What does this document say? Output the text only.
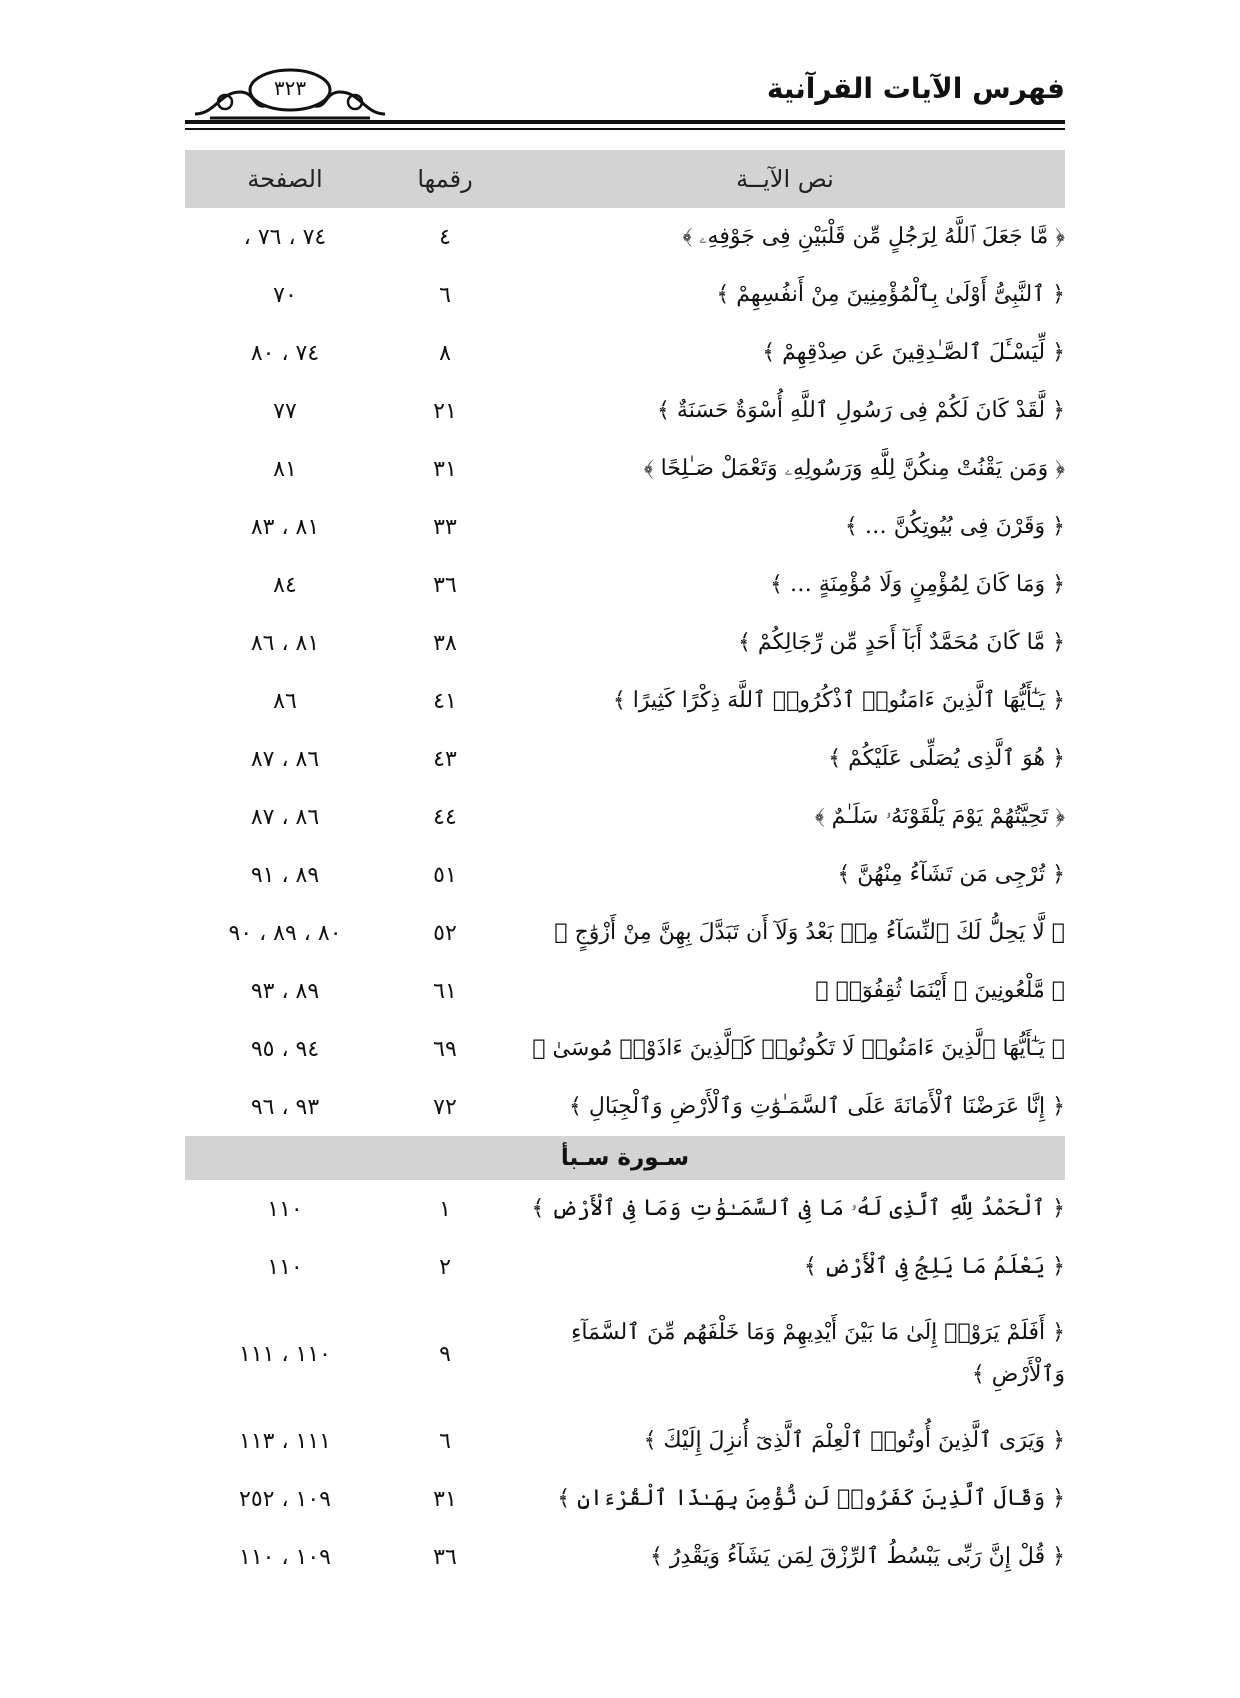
فهرس الآيات القرآنية
٣٢٣
نص الآيــة	رقمها	الصفحة
﴿ مَّا جَعَلَ ٱللَّهُ لِرَجُلٍ مِّن قَلْبَيْنِ فِى جَوْفِهِۦ ﴾	٤	٧٤ ، ٧٦ ،
﴿ ٱلنَّبِىُّ أَوْلَىٰ بِٱلْمُؤْمِنِينَ مِنْ أَنفُسِهِمْ ﴾	٦	٧٠
﴿ لِّيَسْـَٔلَ ٱلصَّـٰدِقِينَ عَن صِدْقِهِمْ ﴾	٨	٧٤ ، ٨٠
﴿ لَّقَدْ كَانَ لَكُمْ فِى رَسُولِ ٱللَّهِ أُسْوَةٌ حَسَنَةٌ ﴾	٢١	٧٧
﴿ وَمَن يَقْنُتْ مِنكُنَّ لِلَّهِ وَرَسُولِهِۦ وَتَعْمَلْ صَـٰلِحًا ﴾	٣١	٨١
﴿ وَقَرْنَ فِى بُيُوتِكُنَّ … ﴾	٣٣	٨١ ، ٨٣
﴿ وَمَا كَانَ لِمُؤْمِنٍ وَلَا مُؤْمِنَةٍ … ﴾	٣٦	٨٤
﴿ مَّا كَانَ مُحَمَّدٌ أَبَآ أَحَدٍ مِّن رِّجَالِكُمْ ﴾	٣٨	٨١ ، ٨٦
﴿ يَـٰٓأَيُّهَا ٱلَّذِينَ ءَامَنُوا۟ ٱذْكُرُوا۟ ٱللَّهَ ذِكْرًا كَثِيرًا ﴾	٤١	٨٦
﴿ هُوَ ٱلَّذِى يُصَلِّى عَلَيْكُمْ ﴾	٤٣	٨٦ ، ٨٧
﴿ تَحِيَّتُهُمْ يَوْمَ يَلْقَوْنَهُۥ سَلَـٰمٌ ﴾	٤٤	٨٦ ، ٨٧
﴿ تُرْجِى مَن تَشَآءُ مِنْهُنَّ ﴾	٥١	٨٩ ، ٩١
﴿ لَّا يَحِلُّ لَكَ ٱلنِّسَآءُ مِنۢ بَعْدُ وَلَآ أَن تَبَدَّلَ بِهِنَّ مِنْ أَزْوَٰجٍ ﴾	٥٢	٨٠ ، ٨٩ ، ٩٠
﴿ مَّلْعُونِينَ ۖ أَيْنَمَا ثُقِفُوٓا۟ ﴾	٦١	٨٩ ، ٩٣
﴿ يَـٰٓأَيُّهَا ٱلَّذِينَ ءَامَنُوا۟ لَا تَكُونُوا۟ كَٱلَّذِينَ ءَاذَوْا۟ مُوسَىٰ ﴾	٦٩	٩٤ ، ٩٥
﴿ إِنَّا عَرَضْنَا ٱلْأَمَانَةَ عَلَى ٱلسَّمَـٰوَٰتِ وَٱلْأَرْضِ وَٱلْجِبَالِ ﴾	٧٢	٩٣ ، ٩٦
سـورة سـبأ		
﴿ ٱلْحَمْدُ لِلَّهِ ٱلَّذِى لَهُۥ مَا فِى ٱلسَّمَـٰوَٰتِ وَمَا فِى ٱلْأَرْضِ ﴾	١	١١٠
﴿ يَعْلَمُ مَا يَلِجُ فِى ٱلْأَرْضِ ﴾	٢	١١٠
﴿ أَفَلَمْ يَرَوْا۟ إِلَىٰ مَا بَيْنَ أَيْدِيهِمْ وَمَا خَلْفَهُم مِّنَ ٱلسَّمَآءِ وَٱلْأَرْضِ ﴾	٩	١١٠ ، ١١١
﴿ وَيَرَى ٱلَّذِينَ أُوتُوا۟ ٱلْعِلْمَ ٱلَّذِىٓ أُنزِلَ إِلَيْكَ ﴾	٦	١١١ ، ١١٣
﴿ وَقَالَ ٱلَّذِينَ كَفَرُوا۟ لَن نُّؤْمِنَ بِهَـٰذَا ٱلْقُرْءَانِ ﴾	٣١	١٠٩ ، ٢٥٢
﴿ قُلْ إِنَّ رَبِّى يَبْسُطُ ٱلرِّزْقَ لِمَن يَشَآءُ وَيَقْدِرُ ﴾	٣٦	١٠٩ ، ١١٠
